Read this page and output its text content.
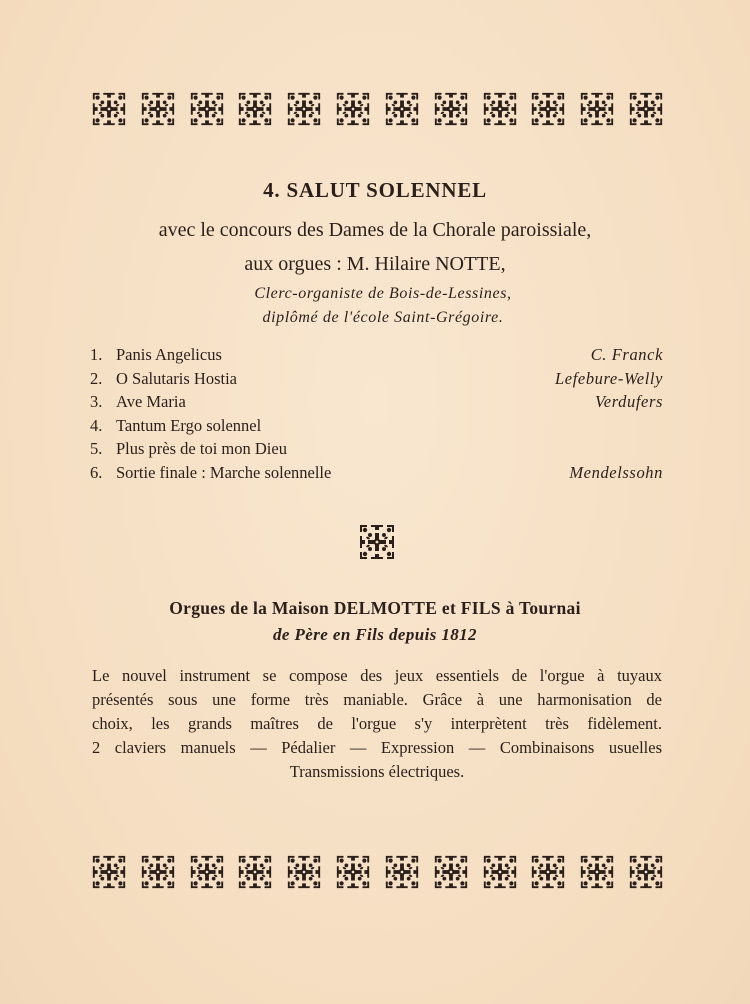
4. SALUT SOLENNEL
avec le concours des Dames de la Chorale paroissiale,
aux orgues : M. Hilaire NOTTE,
Clerc-organiste de Bois-de-Lessines,
diplômé de l'école Saint-Grégoire.
1. Panis Angelicus	C. Franck
2. O Salutaris Hostia	Lefebure-Welly
3. Ave Maria	Verdufers
4. Tantum Ergo solennel
5. Plus près de toi mon Dieu
6. Sortie finale : Marche solennelle	Mendelssohn
Orgues de la Maison DELMOTTE et FILS à Tournai
de Père en Fils depuis 1812
Le nouvel instrument se compose des jeux essentiels de l'orgue à tuyaux
présentés sous une forme très maniable. Grâce à une harmonisation de
choix, les grands maîtres de l'orgue s'y interprètent très fidèlement.
2 claviers manuels — Pédalier — Expression — Combinaisons usuelles
Transmissions électriques.
